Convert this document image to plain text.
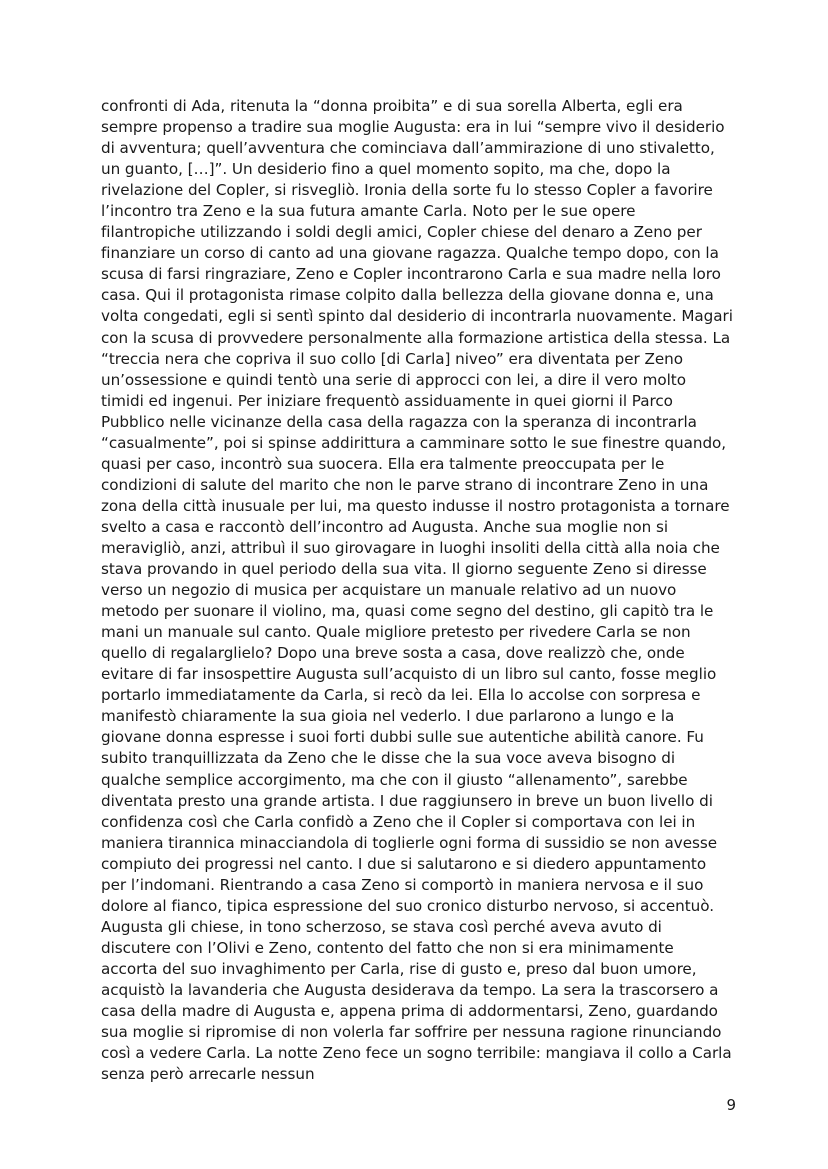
confronti di Ada, ritenuta la “donna proibita” e di sua sorella Alberta, egli era sempre propenso a tradire sua moglie Augusta: era in lui “sempre vivo il desiderio di avventura; quell’avventura che cominciava dall’ammirazione di uno stivaletto, un guanto, […]”. Un desiderio fino a quel momento sopito, ma che, dopo la rivelazione del Copler, si risvegliò. Ironia della sorte fu lo stesso Copler a favorire l’incontro tra Zeno e la sua futura amante Carla. Noto per le sue opere filantropiche utilizzando i soldi degli amici, Copler chiese del denaro a Zeno per finanziare un corso di canto ad una giovane ragazza. Qualche tempo dopo, con la scusa di farsi ringraziare, Zeno e Copler incontrarono Carla e sua madre nella loro casa. Qui il protagonista rimase colpito dalla bellezza della giovane donna e, una volta congedati, egli si sentì spinto dal desiderio di incontrarla nuovamente. Magari con la scusa di provvedere personalmente alla formazione artistica della stessa. La “treccia nera che copriva il suo collo [di Carla] niveo” era diventata per Zeno un’ossessione e quindi tentò una serie di approcci con lei, a dire il vero molto timidi ed ingenui. Per iniziare frequentò assiduamente in quei giorni il Parco Pubblico nelle vicinanze della casa della ragazza con la speranza di incontrarla “casualmente”, poi si spinse addirittura a camminare sotto le sue finestre quando, quasi per caso, incontrò sua suocera. Ella era talmente preoccupata per le condizioni di salute del marito che non le parve strano di incontrare Zeno in una zona della città inusuale per lui, ma questo indusse il nostro protagonista a tornare svelto a casa e raccontò dell’incontro ad Augusta. Anche sua moglie non si meravigliò, anzi, attribuì il suo girovagare in luoghi insoliti della città alla noia che stava provando in quel periodo della sua vita. Il giorno seguente Zeno si diresse verso un negozio di musica per acquistare un manuale relativo ad un nuovo metodo per suonare il violino, ma, quasi come segno del destino, gli capitò tra le mani un manuale sul canto. Quale migliore pretesto per rivedere Carla se non quello di regalarglielo? Dopo una breve sosta a casa, dove realizzò che, onde evitare di far insospettire Augusta sull’acquisto di un libro sul canto, fosse meglio portarlo immediatamente da Carla, si recò da lei. Ella lo accolse con sorpresa e manifestò chiaramente la sua gioia nel vederlo. I due parlarono a lungo e la giovane donna espresse i suoi forti dubbi sulle sue autentiche abilità canore. Fu subito tranquillizzata da Zeno che le disse che la sua voce aveva bisogno di qualche semplice accorgimento, ma che con il giusto “allenamento”, sarebbe diventata presto una grande artista. I due raggiunsero in breve un buon livello di confidenza così che Carla confidò a Zeno che il Copler si comportava con lei in maniera tirannica minacciandola di toglierle ogni forma di sussidio se non avesse compiuto dei progressi nel canto. I due si salutarono e si diedero appuntamento per l’indomani. Rientrando a casa Zeno si comportò in maniera nervosa e il suo dolore al fianco, tipica espressione del suo cronico disturbo nervoso, si accentuò. Augusta gli chiese, in tono scherzoso, se stava così perché aveva avuto di discutere con l’Olivi e Zeno, contento del fatto che non si era minimamente accorta del suo invaghimento per Carla, rise di gusto e, preso dal buon umore, acquistò la lavanderia che Augusta desiderava da tempo. La sera la trascorsero a casa della madre di Augusta e, appena prima di addormentarsi, Zeno, guardando sua moglie si ripromise di non volerla far soffrire per nessuna ragione rinunciando così a vedere Carla. La notte Zeno fece un sogno terribile: mangiava il collo a Carla senza però arrecarle nessun

9
